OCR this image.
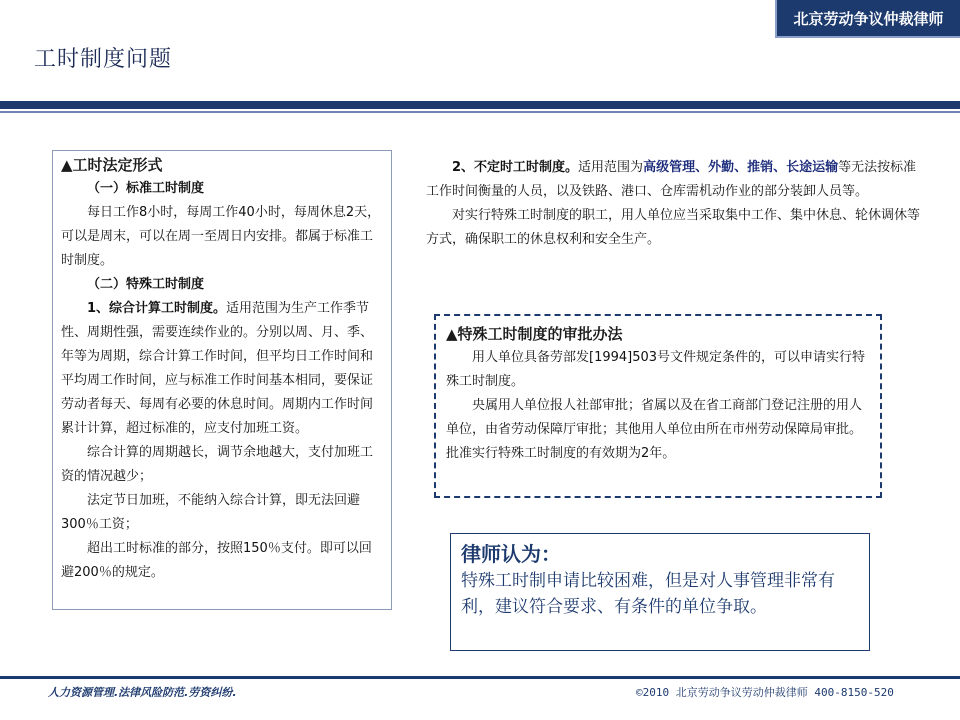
北京劳动争议仲裁律师
工时制度问题

▲工时法定形式

（一）标准工时制度

每日工作8小时，每周工作40小时，每周休息2天，可以是周末，可以在周一至周日内安排。都属于标准工时制度。

（二）特殊工时制度

1、综合计算工时制度。适用范围为生产工作季节性、周期性强，需要连续作业的。分别以周、月、季、年等为周期，综合计算工作时间，但平均日工作时间和平均周工作时间，应与标准工作时间基本相同，要保证劳动者每天、每周有必要的休息时间。周期内工作时间累计计算，超过标准的，应支付加班工资。

综合计算的周期越长，调节余地越大，支付加班工资的情况越少；

法定节日加班，不能纳入综合计算，即无法回避300％工资；

超出工时标准的部分，按照150％支付。即可以回避200％的规定。

2、不定时工时制度。适用范围为高级管理、外勤、推销、长途运输等无法按标准工作时间衡量的人员，以及铁路、港口、仓库需机动作业的部分装卸人员等。

对实行特殊工时制度的职工，用人单位应当采取集中工作、集中休息、轮休调休等方式，确保职工的休息权利和安全生产。

▲特殊工时制度的审批办法

用人单位具备劳部发[1994]503号文件规定条件的，可以申请实行特殊工时制度。

央属用人单位报人社部审批；省属以及在省工商部门登记注册的用人单位，由省劳动保障厅审批；其他用人单位由所在市州劳动保障局审批。批准实行特殊工时制度的有效期为2年。

律师认为：

特殊工时制申请比较困难，但是对人事管理非常有利，建议符合要求、有条件的单位争取。

人力资源管理.法律风险防范.劳资纠纷.	©2010 北京劳动争议劳动仲裁律师 400-8150-520
